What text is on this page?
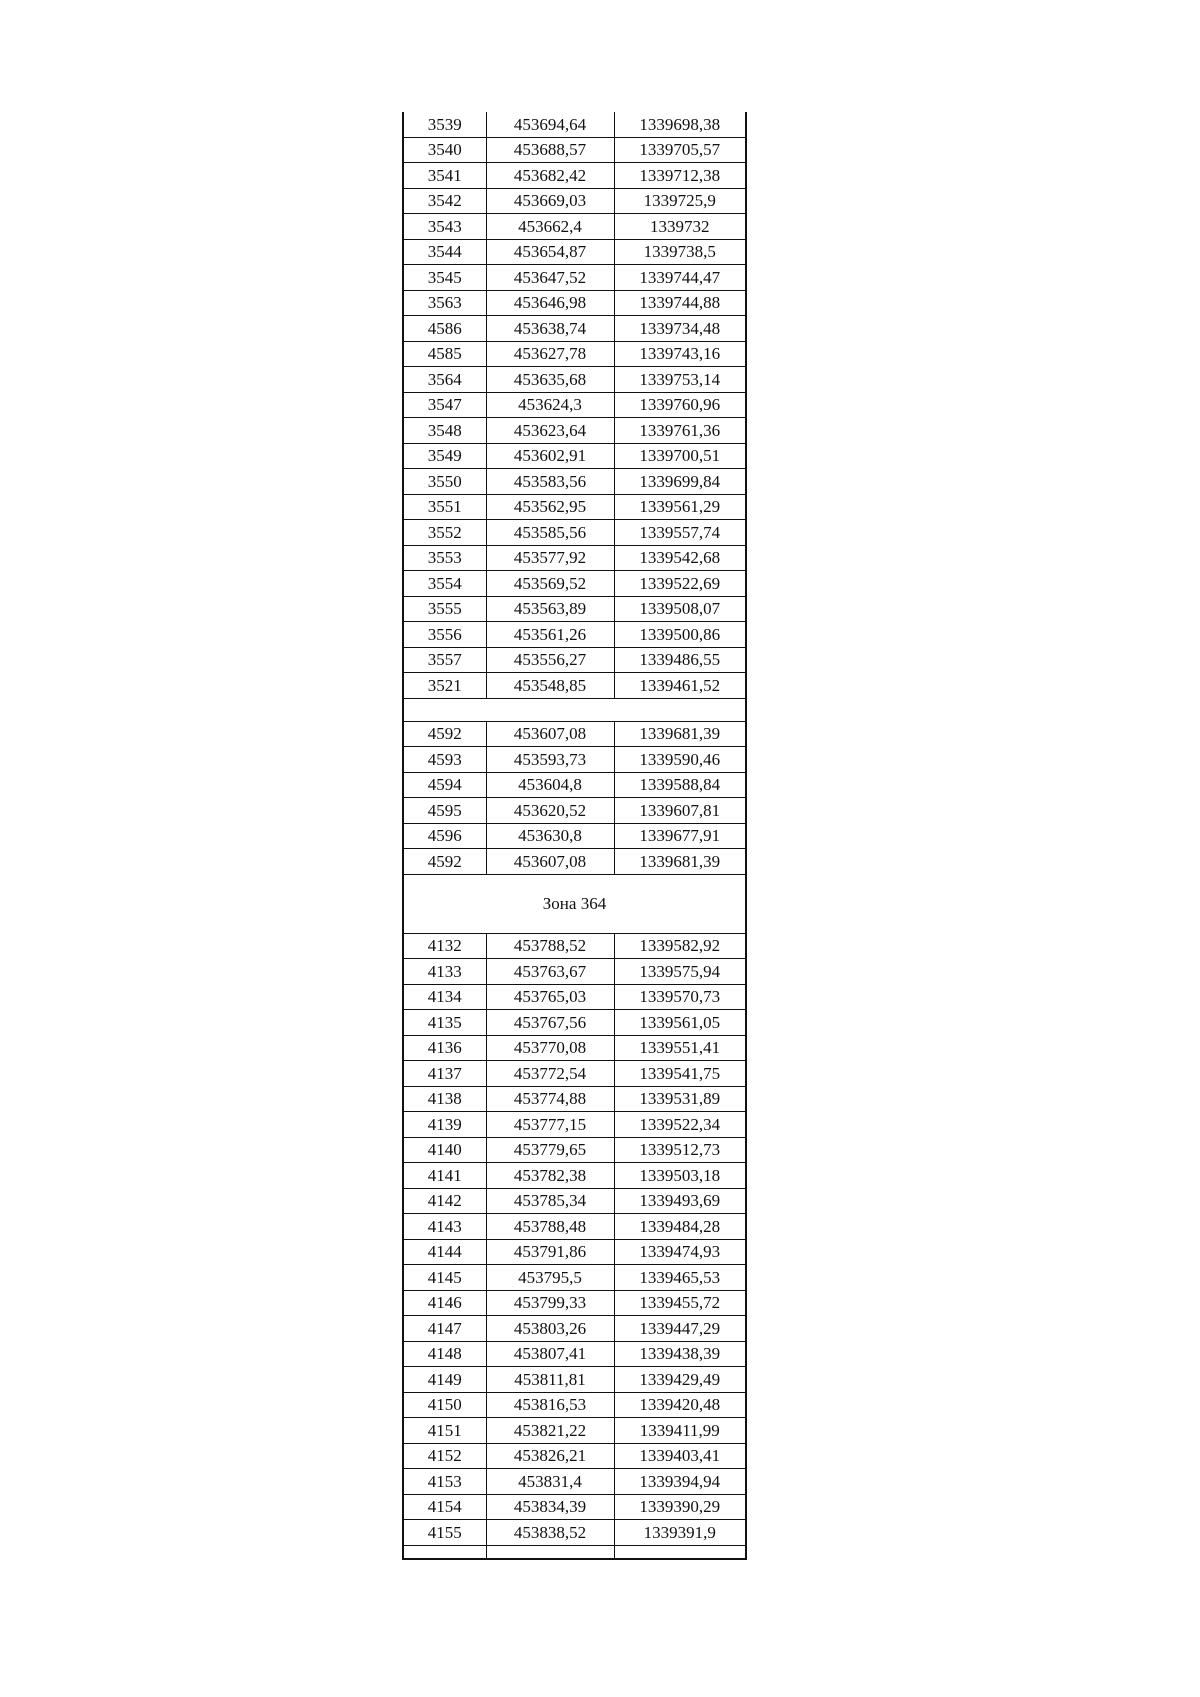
3539	453694,64	1339698,38
3540	453688,57	1339705,57
3541	453682,42	1339712,38
3542	453669,03	1339725,9
3543	453662,4	1339732
3544	453654,87	1339738,5
3545	453647,52	1339744,47
3563	453646,98	1339744,88
4586	453638,74	1339734,48
4585	453627,78	1339743,16
3564	453635,68	1339753,14
3547	453624,3	1339760,96
3548	453623,64	1339761,36
3549	453602,91	1339700,51
3550	453583,56	1339699,84
3551	453562,95	1339561,29
3552	453585,56	1339557,74
3553	453577,92	1339542,68
3554	453569,52	1339522,69
3555	453563,89	1339508,07
3556	453561,26	1339500,86
3557	453556,27	1339486,55
3521	453548,85	1339461,52

4592	453607,08	1339681,39
4593	453593,73	1339590,46
4594	453604,8	1339588,84
4595	453620,52	1339607,81
4596	453630,8	1339677,91
4592	453607,08	1339681,39
Зона 364		
4132	453788,52	1339582,92
4133	453763,67	1339575,94
4134	453765,03	1339570,73
4135	453767,56	1339561,05
4136	453770,08	1339551,41
4137	453772,54	1339541,75
4138	453774,88	1339531,89
4139	453777,15	1339522,34
4140	453779,65	1339512,73
4141	453782,38	1339503,18
4142	453785,34	1339493,69
4143	453788,48	1339484,28
4144	453791,86	1339474,93
4145	453795,5	1339465,53
4146	453799,33	1339455,72
4147	453803,26	1339447,29
4148	453807,41	1339438,39
4149	453811,81	1339429,49
4150	453816,53	1339420,48
4151	453821,22	1339411,99
4152	453826,21	1339403,41
4153	453831,4	1339394,94
4154	453834,39	1339390,29
4155	453838,52	1339391,9
